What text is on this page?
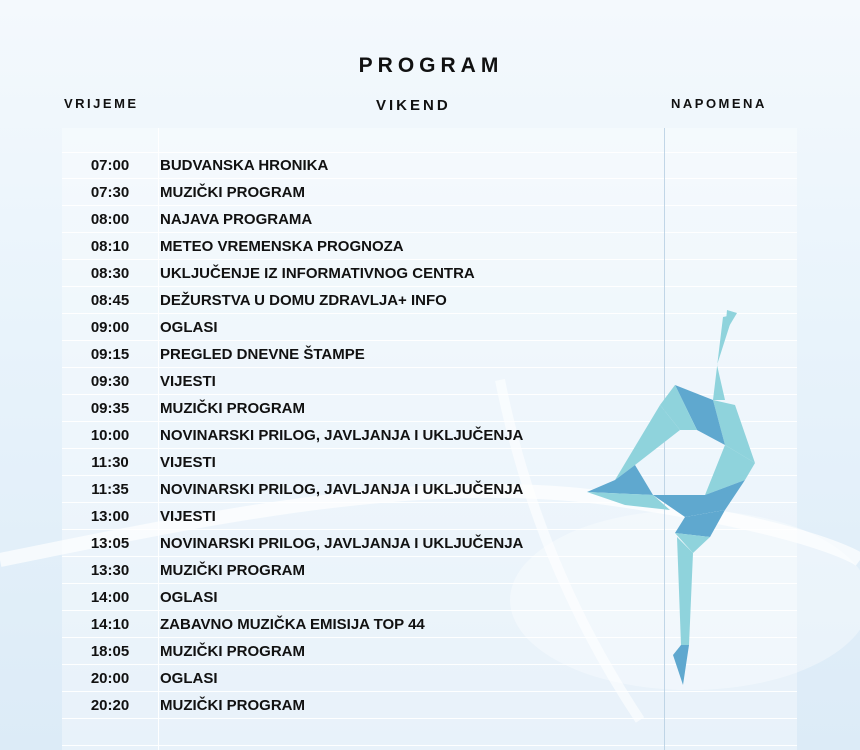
PROGRAM
VRIJEME	VIKEND	NAPOMENA
07:00	BUDVANSKA HRONIKA
07:30	MUZIČKI PROGRAM
08:00	NAJAVA PROGRAMA
08:10	METEO VREMENSKA PROGNOZA
08:30	UKLJUČENJE IZ INFORMATIVNOG CENTRA
08:45	DEŽURSTVA U DOMU ZDRAVLJA+ INFO
09:00	OGLASI
09:15	PREGLED DNEVNE ŠTAMPE
09:30	VIJESTI
09:35	MUZIČKI PROGRAM
10:00	NOVINARSKI PRILOG, JAVLJANJA I UKLJUČENJA
11:30	VIJESTI
11:35	NOVINARSKI PRILOG, JAVLJANJA I UKLJUČENJA
13:00	VIJESTI
13:05	NOVINARSKI PRILOG, JAVLJANJA I UKLJUČENJA
13:30	MUZIČKI PROGRAM
14:00	OGLASI
14:10	ZABAVNO MUZIČKA EMISIJA TOP 44
18:05	MUZIČKI PROGRAM
20:00	OGLASI
20:20	MUZIČKI PROGRAM
